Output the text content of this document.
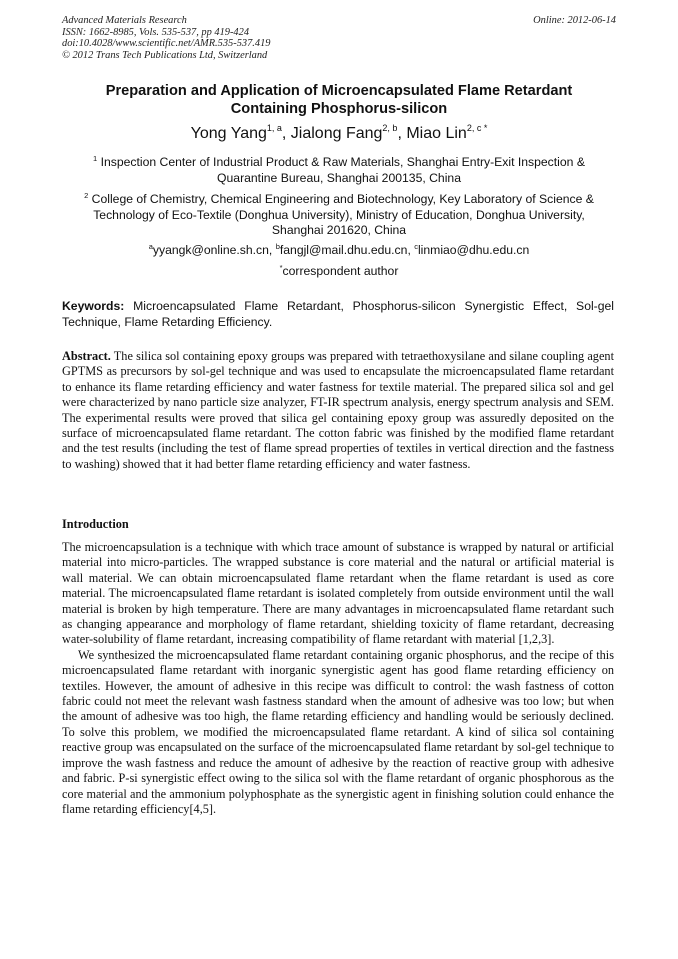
Advanced Materials Research
ISSN: 1662-8985, Vols. 535-537, pp 419-424
doi:10.4028/www.scientific.net/AMR.535-537.419
© 2012 Trans Tech Publications Ltd, Switzerland
Online: 2012-06-14
Preparation and Application of Microencapsulated Flame Retardant Containing Phosphorus-silicon
Yong Yang$^{1, a}$, Jialong Fang$^{2, b}$, Miao Lin$^{2, c *}$
$^1$ Inspection Center of Industrial Product & Raw Materials, Shanghai Entry-Exit Inspection & Quarantine Bureau, Shanghai 200135, China
$^2$ College of Chemistry, Chemical Engineering and Biotechnology, Key Laboratory of Science & Technology of Eco-Textile (Donghua University), Ministry of Education, Donghua University, Shanghai 201620, China
$^a$yyangk@online.sh.cn, $^b$fangjl@mail.dhu.edu.cn, $^c$linmiao@dhu.edu.cn
*correspondent author
Keywords: Microencapsulated Flame Retardant, Phosphorus-silicon Synergistic Effect, Sol-gel Technique, Flame Retarding Efficiency.
Abstract. The silica sol containing epoxy groups was prepared with tetraethoxysilane and silane coupling agent GPTMS as precursors by sol-gel technique and was used to encapsulate the microencapsulated flame retardant to enhance its flame retarding efficiency and water fastness for textile material. The prepared silica sol and gel were characterized by nano particle size analyzer, FT-IR spectrum analysis, energy spectrum analysis and SEM. The experimental results were proved that silica gel containing epoxy group was assuredly deposited on the surface of microencapsulated flame retardant. The cotton fabric was finished by the modified flame retardant and the test results (including the test of flame spread properties of textiles in vertical direction and the fastness to washing) showed that it had better flame retarding efficiency and water fastness.
Introduction

The microencapsulation is a technique with which trace amount of substance is wrapped by natural or artificial material into micro-particles. The wrapped substance is core material and the natural or artificial material is wall material. We can obtain microencapsulated flame retardant when the flame retardant is used as core material. The microencapsulated flame retardant is isolated completely from outside environment until the wall material is broken by high temperature. There are many advantages in microencapsulated flame retardant such as changing appearance and morphology of flame retardant, shielding toxicity of flame retardant, decreasing water-solubility of flame retardant, increasing compatibility of flame retardant with material [1,2,3].

We synthesized the microencapsulated flame retardant containing organic phosphorus, and the recipe of this microencapsulated flame retardant with inorganic synergistic agent has good flame retarding efficiency on textiles. However, the amount of adhesive in this recipe was difficult to control: the wash fastness of cotton fabric could not meet the relevant wash fastness standard when the amount of adhesive was too low; but when the amount of adhesive was too high, the flame retarding efficiency and handling would be seriously declined. To solve this problem, we modified the microencapsulated flame retardant. A kind of silica sol containing reactive group was encapsulated on the surface of the microencapsulated flame retardant by sol-gel technique to improve the wash fastness and reduce the amount of adhesive by the reaction of reactive group with adhesive and fabric. P-si synergistic effect owing to the silica sol with the flame retardant of organic phosphorous as the core material and the ammonium polyphosphate as the synergistic agent in finishing solution could enhance the flame retarding efficiency[4,5].
